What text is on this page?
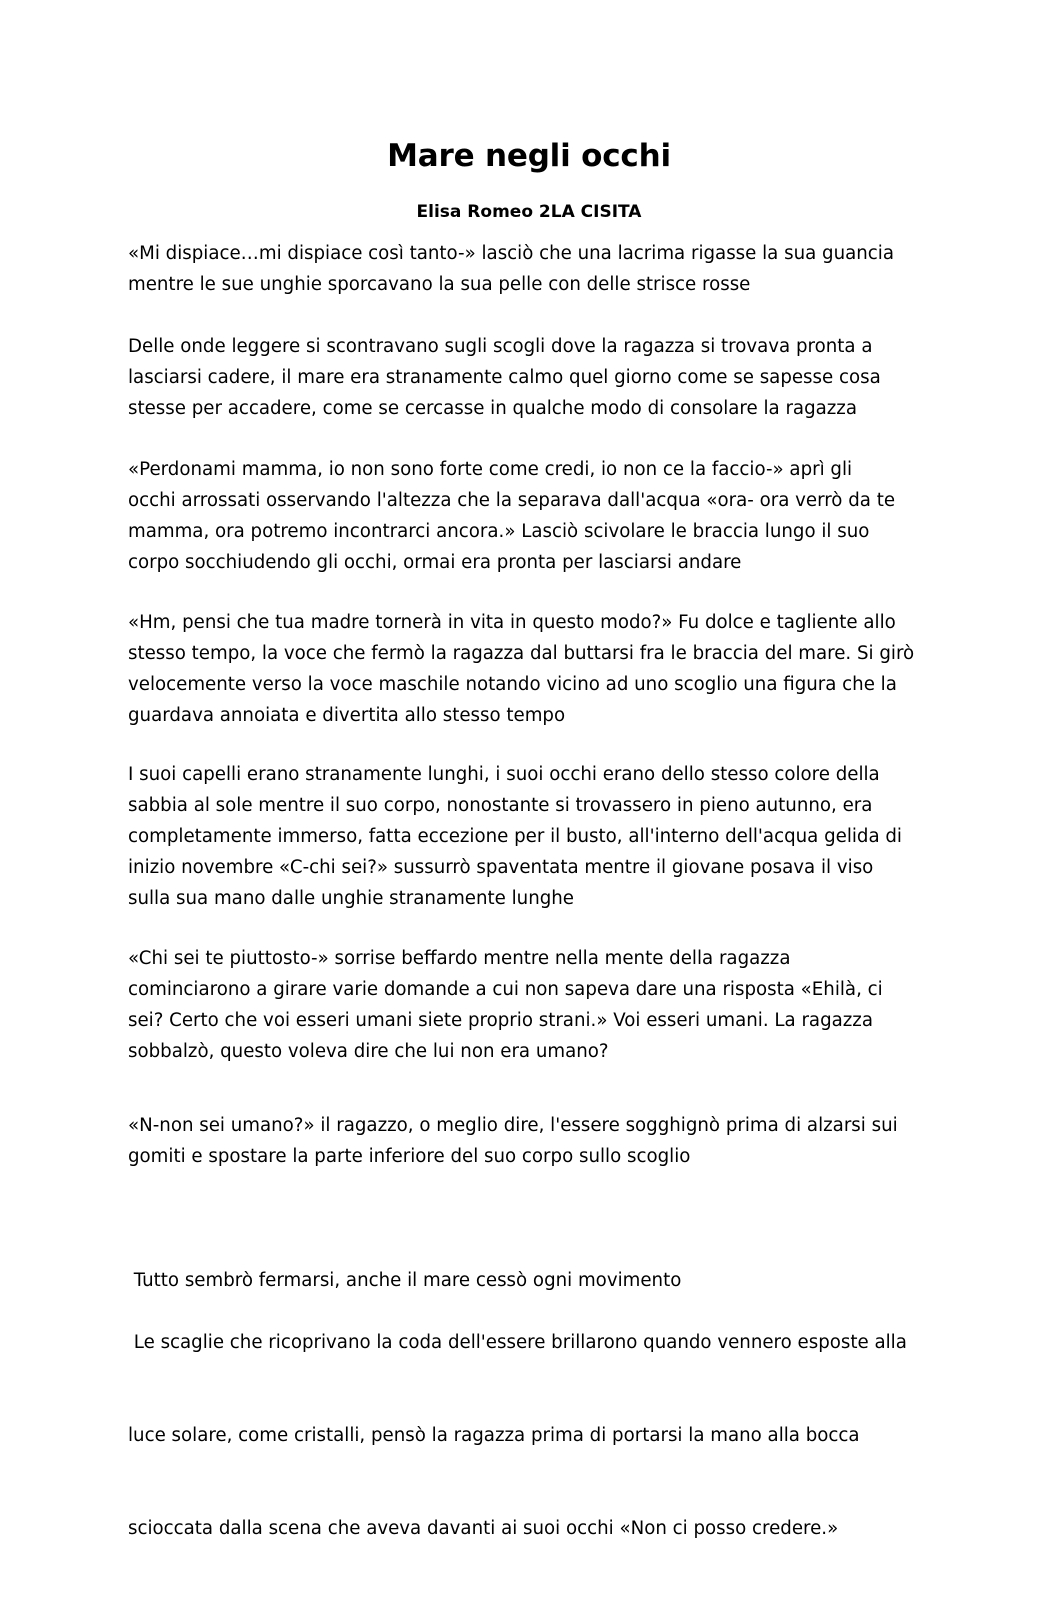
Mare negli occhi
Elisa Romeo 2LA CISITA
«Mi dispiace…mi dispiace così tanto-» lasciò che una lacrima rigasse la sua guancia
mentre le sue unghie sporcavano la sua pelle con delle strisce rosse
Delle onde leggere si scontravano sugli scogli dove la ragazza si trovava pronta a
lasciarsi cadere, il mare era stranamente calmo quel giorno come se sapesse cosa
stesse per accadere, come se cercasse in qualche modo di consolare la ragazza
«Perdonami mamma, io non sono forte come credi, io non ce la faccio-» aprì gli
occhi arrossati osservando l'altezza che la separava dall'acqua «ora- ora verrò da te
mamma, ora potremo incontrarci ancora.» Lasciò scivolare le braccia lungo il suo
corpo socchiudendo gli occhi, ormai era pronta per lasciarsi andare
«Hm, pensi che tua madre tornerà in vita in questo modo?» Fu dolce e tagliente allo
stesso tempo, la voce che fermò la ragazza dal buttarsi fra le braccia del mare. Si girò
velocemente verso la voce maschile notando vicino ad uno scoglio una figura che la
guardava annoiata e divertita allo stesso tempo
I suoi capelli erano stranamente lunghi, i suoi occhi erano dello stesso colore della
sabbia al sole mentre il suo corpo, nonostante si trovassero in pieno autunno, era
completamente immerso, fatta eccezione per il busto, all'interno dell'acqua gelida di
inizio novembre «C-chi sei?» sussurrò spaventata mentre il giovane posava il viso
sulla sua mano dalle unghie stranamente lunghe
«Chi sei te piuttosto-» sorrise beffardo mentre nella mente della ragazza
cominciarono a girare varie domande a cui non sapeva dare una risposta «Ehilà, ci
sei? Certo che voi esseri umani siete proprio strani.» Voi esseri umani. La ragazza
sobbalzò, questo voleva dire che lui non era umano?
«N-non sei umano?» il ragazzo, o meglio dire, l'essere sogghignò prima di alzarsi sui
gomiti e spostare la parte inferiore del suo corpo sullo scoglio

Tutto sembrò fermarsi, anche il mare cessò ogni movimento

Le scaglie che ricoprivano la coda dell'essere brillarono quando vennero esposte alla

luce solare, come cristalli, pensò la ragazza prima di portarsi la mano alla bocca

scioccata dalla scena che aveva davanti ai suoi occhi «Non ci posso credere.»
